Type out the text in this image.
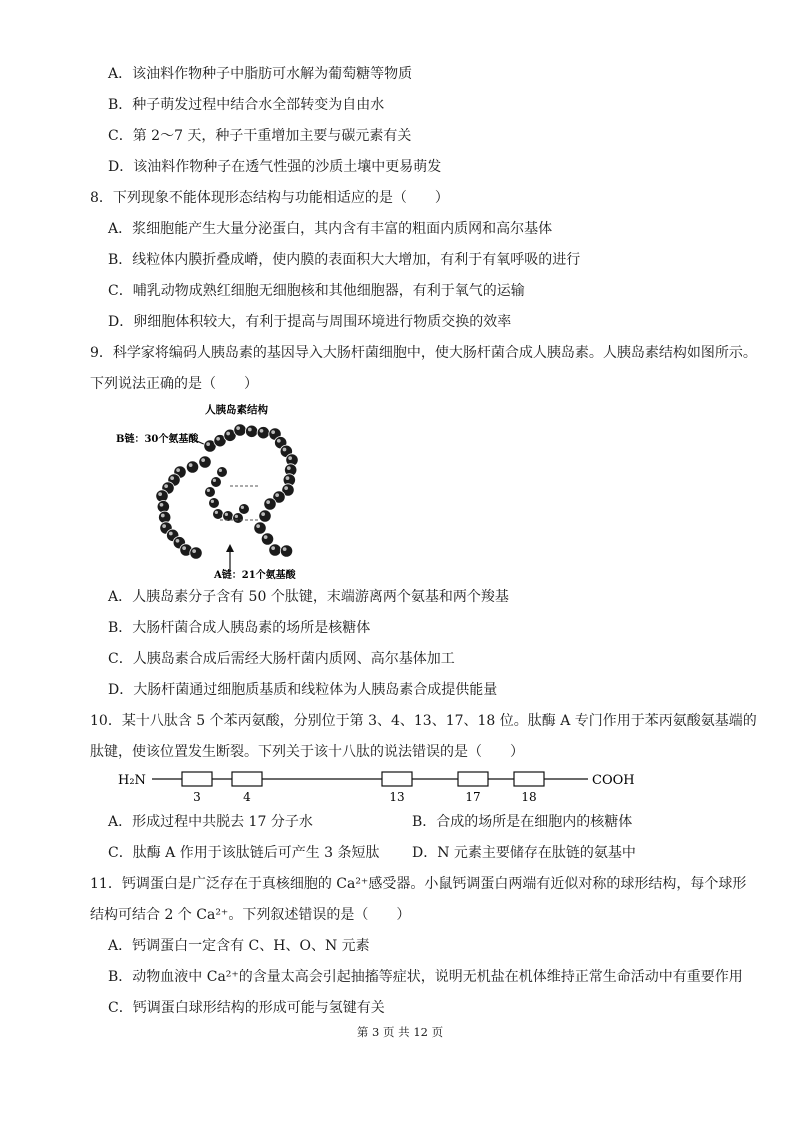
A．该油料作物种子中脂肪可水解为葡萄糖等物质
B．种子萌发过程中结合水全部转变为自由水
C．第 2～7 天，种子干重增加主要与碳元素有关
D．该油料作物种子在透气性强的沙质土壤中更易萌发
8．下列现象不能体现形态结构与功能相适应的是（　　）
A．浆细胞能产生大量分泌蛋白，其内含有丰富的粗面内质网和高尔基体
B．线粒体内膜折叠成嵴，使内膜的表面积大大增加，有利于有氧呼吸的进行
C．哺乳动物成熟红细胞无细胞核和其他细胞器，有利于氧气的运输
D．卵细胞体积较大，有利于提高与周围环境进行物质交换的效率
9．科学家将编码人胰岛素的基因导入大肠杆菌细胞中，使大肠杆菌合成人胰岛素。人胰岛素结构如图所示。
下列说法正确的是（　　）
人胰岛素结构
B链：30个氨基酸
A链：21个氨基酸
A．人胰岛素分子含有 50 个肽键，末端游离两个氨基和两个羧基
B．大肠杆菌合成人胰岛素的场所是核糖体
C．人胰岛素合成后需经大肠杆菌内质网、高尔基体加工
D．大肠杆菌通过细胞质基质和线粒体为人胰岛素合成提供能量
10．某十八肽含 5 个苯丙氨酸，分别位于第 3、4、13、17、18 位。肽酶 A 专门作用于苯丙氨酸氨基端的
肽键，使该位置发生断裂。下列关于该十八肽的说法错误的是（　　）
H₂N
3	4	13	17	18
COOH
A．形成过程中共脱去 17 分子水	B．合成的场所是在细胞内的核糖体
C．肽酶 A 作用于该肽链后可产生 3 条短肽 D．N 元素主要储存在肽链的氨基中
11．钙调蛋白是广泛存在于真核细胞的 Ca²⁺感受器。小鼠钙调蛋白两端有近似对称的球形结构，每个球形
结构可结合 2 个 Ca²⁺。下列叙述错误的是（　　）
A．钙调蛋白一定含有 C、H、O、N 元素
B．动物血液中 Ca²⁺的含量太高会引起抽搐等症状，说明无机盐在机体维持正常生命活动中有重要作用
C．钙调蛋白球形结构的形成可能与氢键有关
第 3 页 共 12 页
